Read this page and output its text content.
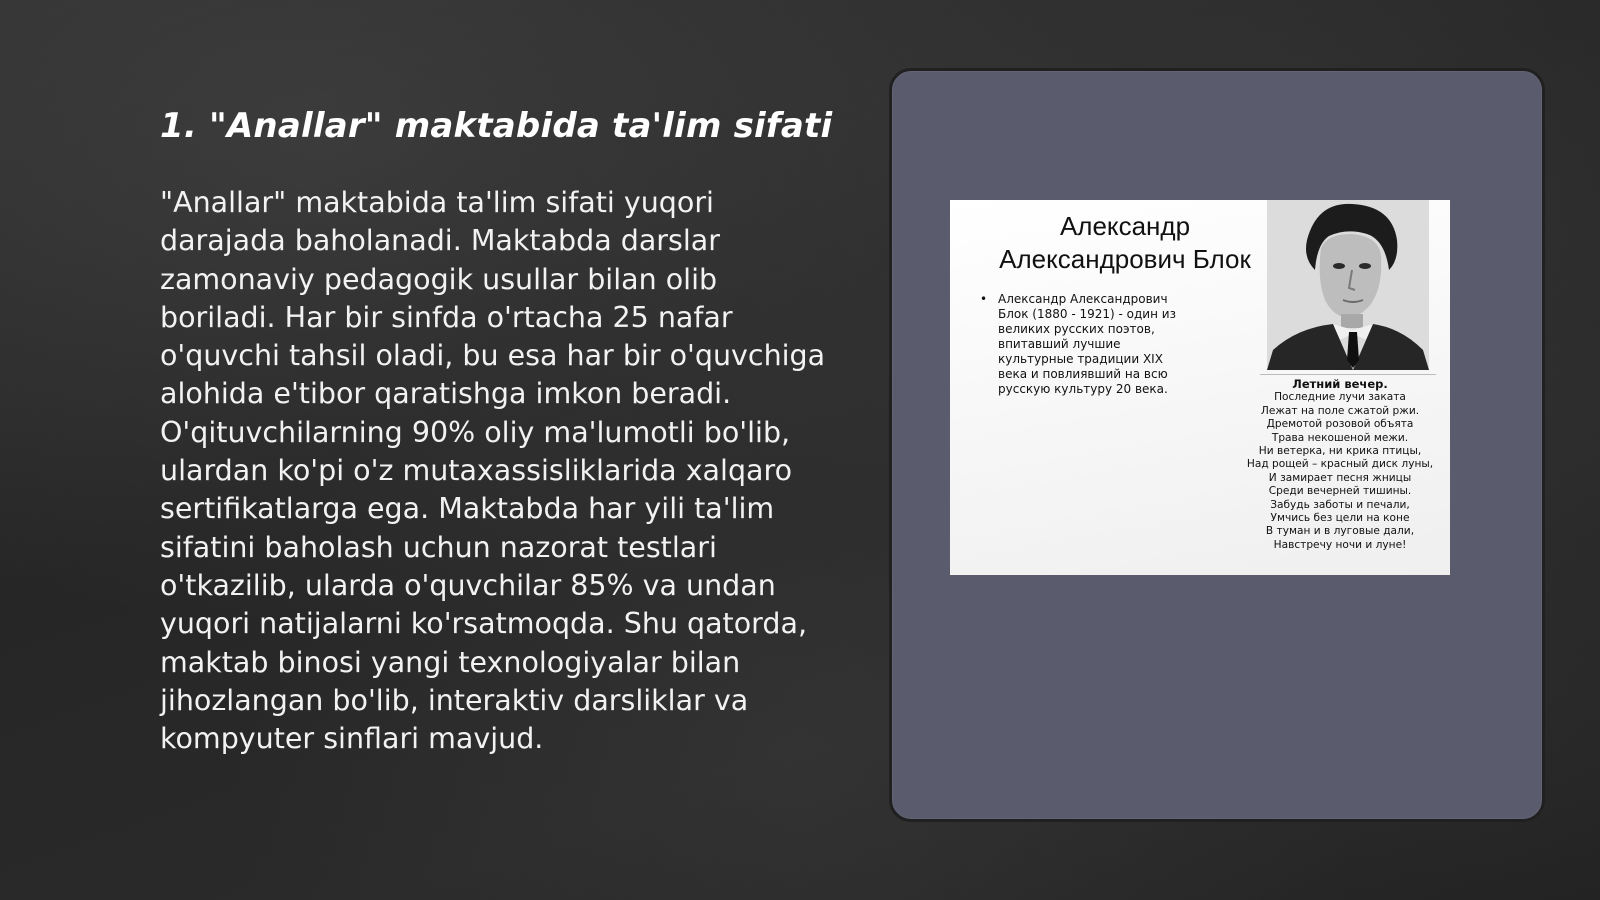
1. "Anallar" maktabida ta'lim sifati

"Anallar" maktabida ta'lim sifati yuqori darajada baholanadi. Maktabda darslar zamonaviy pedagogik usullar bilan olib boriladi. Har bir sinfda o'rtacha 25 nafar o'quvchi tahsil oladi, bu esa har bir o'quvchiga alohida e'tibor qaratishga imkon beradi. O'qituvchilarning 90% oliy ma'lumotli bo'lib, ulardan ko'pi o'z mutaxassisliklarida xalqaro sertifikatlarga ega. Maktabda har yili ta'lim sifatini baholash uchun nazorat testlari o'tkazilib, ularda o'quvchilar 85% va undan yuqori natijalarni ko'rsatmoqda. Shu qatorda, maktab binosi yangi texnologiyalar bilan jihozlangan bo'lib, interaktiv darsliklar va kompyuter sinflari mavjud.

Александр
Александрович Блок
• Александр Александрович Блок (1880 - 1921) - один из великих русских поэтов, впитавший лучшие культурные традиции XIX века и повлиявший на всю русскую культуру 20 века.	Летний вечер.
Последние лучи заката
Лежат на поле сжатой ржи.
Дремотой розовой объята
Трава некошеной межи.
Ни ветерка, ни крика птицы,
Над рощей – красный диск луны,
И замирает песня жницы
Среди вечерней тишины.
Забудь заботы и печали,
Умчись без цели на коне
В туман и в луговые дали,
Навстречу ночи и луне!
